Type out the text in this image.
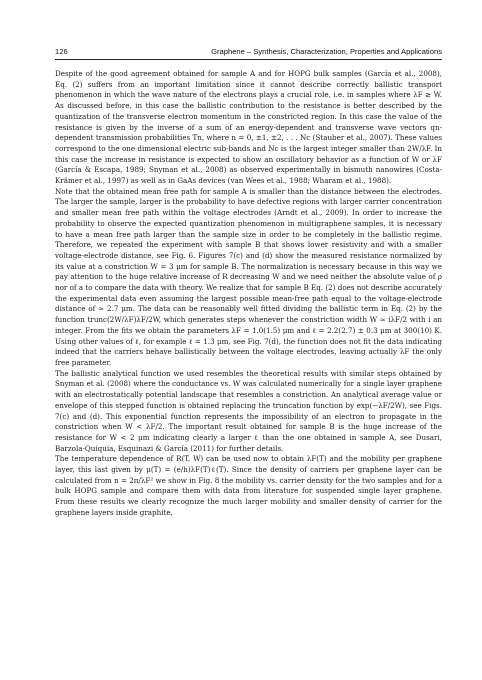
126	Graphene – Synthesis, Characterization, Properties and Applications

Despite of the good agreement obtained for sample A and for HOPG bulk samples (García et al., 2008), Eq. (2) suffers from an important limitation since it cannot describe correctly ballistic transport phenomenon in which the wave nature of the electrons plays a crucial role, i.e. in samples where λF ≳ W. As discussed before, in this case the ballistic contribution to the resistance is better described by the quantization of the transverse electron momentum in the constricted region. In this case the value of the resistance is given by the inverse of a sum of an energy-dependent and transverse wave vectors qn-dependent transmission probabilities Tn, where n = 0, ±1, ±2, . . . Nc (Stauber et al., 2007). These values correspond to the one dimensional electric sub-bands and Nc is the largest integer smaller than 2W/λF. In this case the increase in resistance is expected to show an oscillatory behavior as a function of W or λF (García & Escapa, 1989; Snyman et al., 2008) as observed experimentally in bismuth nanowires (Costa-Krämer et al., 1997) as well as in GaAs devices (van Wees et al., 1988; Wharam et al., 1988).

Note that the obtained mean free path for sample A is smaller than the distance between the electrodes. The larger the sample, larger is the probability to have defective regions with larger carrier concentration and smaller mean free path within the voltage electrodes (Arndt et al., 2009). In order to increase the probability to observe the expected quantization phenomenon in multigraphene samples, it is necessary to have a mean free path larger than the sample size in order to be completely in the ballistic regime. Therefore, we repeated the experiment with sample B that shows lower resistivity and with a smaller voltage-electrode distance, see Fig. 6. Figures 7(c) and (d) show the measured resistance normalized by its value at a constriction W = 3 μm for sample B. The normalization is necessary because in this way we pay attention to the huge relative increase of R decreasing W and we need neither the absolute value of ρ nor of a to compare the data with theory. We realize that for sample B Eq. (2) does not describe accurately the experimental data even assuming the largest possible mean-free path equal to the voltage-electrode distance of ≃ 2.7 μm. The data can be reasonably well fitted dividing the ballistic term in Eq. (2) by the function trunc(2W/λF)λF/2W, which generates steps whenever the constriction width W ≃ iλF/2 with i an integer. From the fits we obtain the parameters λF = 1.0(1.5) μm and ℓ = 2.2(2.7) ± 0.3 μm at 300(10) K. Using other values of ℓ, for example ℓ = 1.3 μm, see Fig. 7(d), the function does not fit the data indicating indeed that the carriers behave ballistically between the voltage electrodes, leaving actually λF the only free parameter.

The ballistic analytical function we used resembles the theoretical results with similar steps obtained by Snyman et al. (2008) where the conductance vs. W was calculated numerically for a single layer graphene with an electrostatically potential landscape that resembles a constriction. An analytical average value or envelope of this stepped function is obtained replacing the truncation function by exp(−λF/2W), see Figs. 7(c) and (d). This exponential function represents the impossibility of an electron to propagate in the constriction when W < λF/2. The important result obtained for sample B is the huge increase of the resistance for W < 2 μm indicating clearly a larger ℓ than the one obtained in sample A, see Dusari, Barzola-Quiquia, Esquinazi & García (2011) for further details.

The temperature dependence of R(T, W) can be used now to obtain λF(T) and the mobility per graphene layer, this last given by μ(T) = (e/h)λF(T)ℓ(T). Since the density of carriers per graphene layer can be calculated from n = 2π/λF² we show in Fig. 8 the mobility vs. carrier density for the two samples and for a bulk HOPG sample and compare them with data from literature for suspended single layer graphene. From these results we clearly recognize the much larger mobility and smaller density of carrier for the graphene layers inside graphite,
